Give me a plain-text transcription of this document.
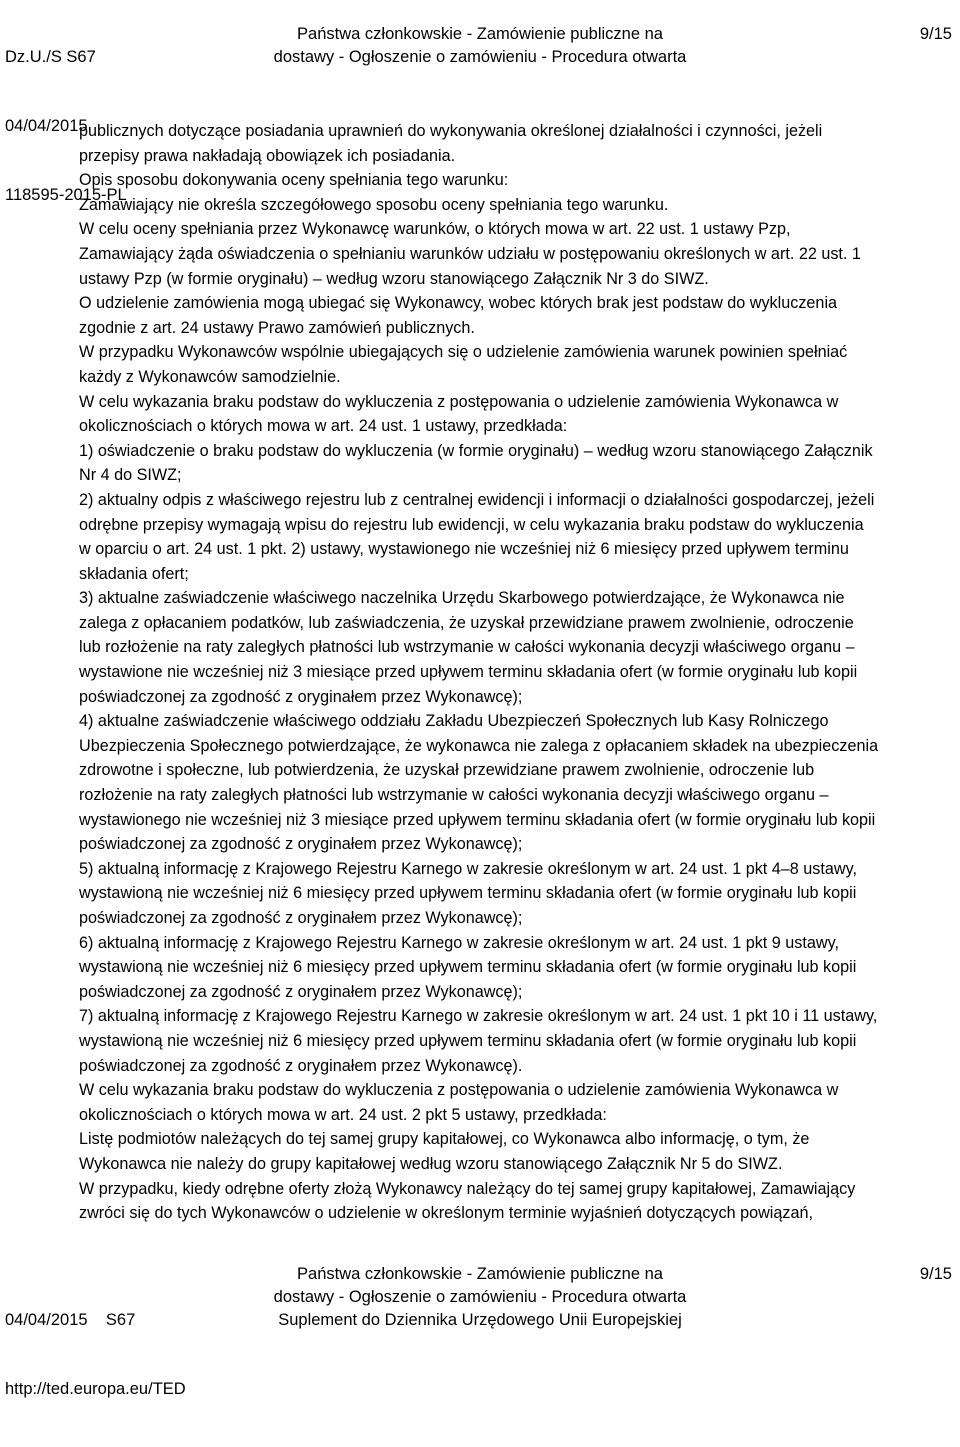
Dz.U./S S67

04/04/2015

118595-2015-PL

Państwa członkowskie - Zamówienie publiczne na
dostawy - Ogłoszenie o zamówieniu - Procedura otwarta
9/15

publicznych dotyczące posiadania uprawnień do wykonywania określonej działalności i czynności, jeżeli

przepisy prawa nakładają obowiązek ich posiadania.

Opis sposobu dokonywania oceny spełniania tego warunku:

Zamawiający nie określa szczegółowego sposobu oceny spełniania tego warunku.

W celu oceny spełniania przez Wykonawcę warunków, o których mowa w art. 22 ust. 1 ustawy Pzp,

Zamawiający żąda oświadczenia o spełnianiu warunków udziału w postępowaniu określonych w art. 22 ust. 1

ustawy Pzp (w formie oryginału) – według wzoru stanowiącego Załącznik Nr 3 do SIWZ.

O udzielenie zamówienia mogą ubiegać się Wykonawcy, wobec których brak jest podstaw do wykluczenia

zgodnie z art. 24 ustawy Prawo zamówień publicznych.

W przypadku Wykonawców wspólnie ubiegających się o udzielenie zamówienia warunek powinien spełniać

każdy z Wykonawców samodzielnie.

W celu wykazania braku podstaw do wykluczenia z postępowania o udzielenie zamówienia Wykonawca w

okolicznościach o których mowa w art. 24 ust. 1 ustawy, przedkłada:

1) oświadczenie o braku podstaw do wykluczenia (w formie oryginału) – według wzoru stanowiącego Załącznik

Nr 4 do SIWZ;

2) aktualny odpis z właściwego rejestru lub z centralnej ewidencji i informacji o działalności gospodarczej, jeżeli

odrębne przepisy wymagają wpisu do rejestru lub ewidencji, w celu wykazania braku podstaw do wykluczenia

w oparciu o art. 24 ust. 1 pkt. 2) ustawy, wystawionego nie wcześniej niż 6 miesięcy przed upływem terminu

składania ofert;

3) aktualne zaświadczenie właściwego naczelnika Urzędu Skarbowego potwierdzające, że Wykonawca nie

zalega z opłacaniem podatków, lub zaświadczenia, że uzyskał przewidziane prawem zwolnienie, odroczenie

lub rozłożenie na raty zaległych płatności lub wstrzymanie w całości wykonania decyzji właściwego organu –

wystawione nie wcześniej niż 3 miesiące przed upływem terminu składania ofert (w formie oryginału lub kopii

poświadczonej za zgodność z oryginałem przez Wykonawcę);

4) aktualne zaświadczenie właściwego oddziału Zakładu Ubezpieczeń Społecznych lub Kasy Rolniczego

Ubezpieczenia Społecznego potwierdzające, że wykonawca nie zalega z opłacaniem składek na ubezpieczenia

zdrowotne i społeczne, lub potwierdzenia, że uzyskał przewidziane prawem zwolnienie, odroczenie lub

rozłożenie na raty zaległych płatności lub wstrzymanie w całości wykonania decyzji właściwego organu –

wystawionego nie wcześniej niż 3 miesiące przed upływem terminu składania ofert (w formie oryginału lub kopii

poświadczonej za zgodność z oryginałem przez Wykonawcę);

5) aktualną informację z Krajowego Rejestru Karnego w zakresie określonym w art. 24 ust. 1 pkt 4–8 ustawy,

wystawioną nie wcześniej niż 6 miesięcy przed upływem terminu składania ofert (w formie oryginału lub kopii

poświadczonej za zgodność z oryginałem przez Wykonawcę);

6) aktualną informację z Krajowego Rejestru Karnego w zakresie określonym w art. 24 ust. 1 pkt 9 ustawy,

wystawioną nie wcześniej niż 6 miesięcy przed upływem terminu składania ofert (w formie oryginału lub kopii

poświadczonej za zgodność z oryginałem przez Wykonawcę);

7) aktualną informację z Krajowego Rejestru Karnego w zakresie określonym w art. 24 ust. 1 pkt 10 i 11 ustawy,

wystawioną nie wcześniej niż 6 miesięcy przed upływem terminu składania ofert (w formie oryginału lub kopii

poświadczonej za zgodność z oryginałem przez Wykonawcę).

W celu wykazania braku podstaw do wykluczenia z postępowania o udzielenie zamówienia Wykonawca w

okolicznościach o których mowa w art. 24 ust. 2 pkt 5 ustawy, przedkłada:

Listę podmiotów należących do tej samej grupy kapitałowej, co Wykonawca albo informację, o tym, że

Wykonawca nie należy do grupy kapitałowej według wzoru stanowiącego Załącznik Nr 5 do SIWZ.

W przypadku, kiedy odrębne oferty złożą Wykonawcy należący do tej samej grupy kapitałowej, Zamawiający

zwróci się do tych Wykonawców o udzielenie w określonym terminie wyjaśnień dotyczących powiązań,

04/04/2015    S67

http://ted.europa.eu/TED

Państwa członkowskie - Zamówienie publiczne na
dostawy - Ogłoszenie o zamówieniu - Procedura otwarta
Suplement do Dziennika Urzędowego Unii Europejskiej
9/15
